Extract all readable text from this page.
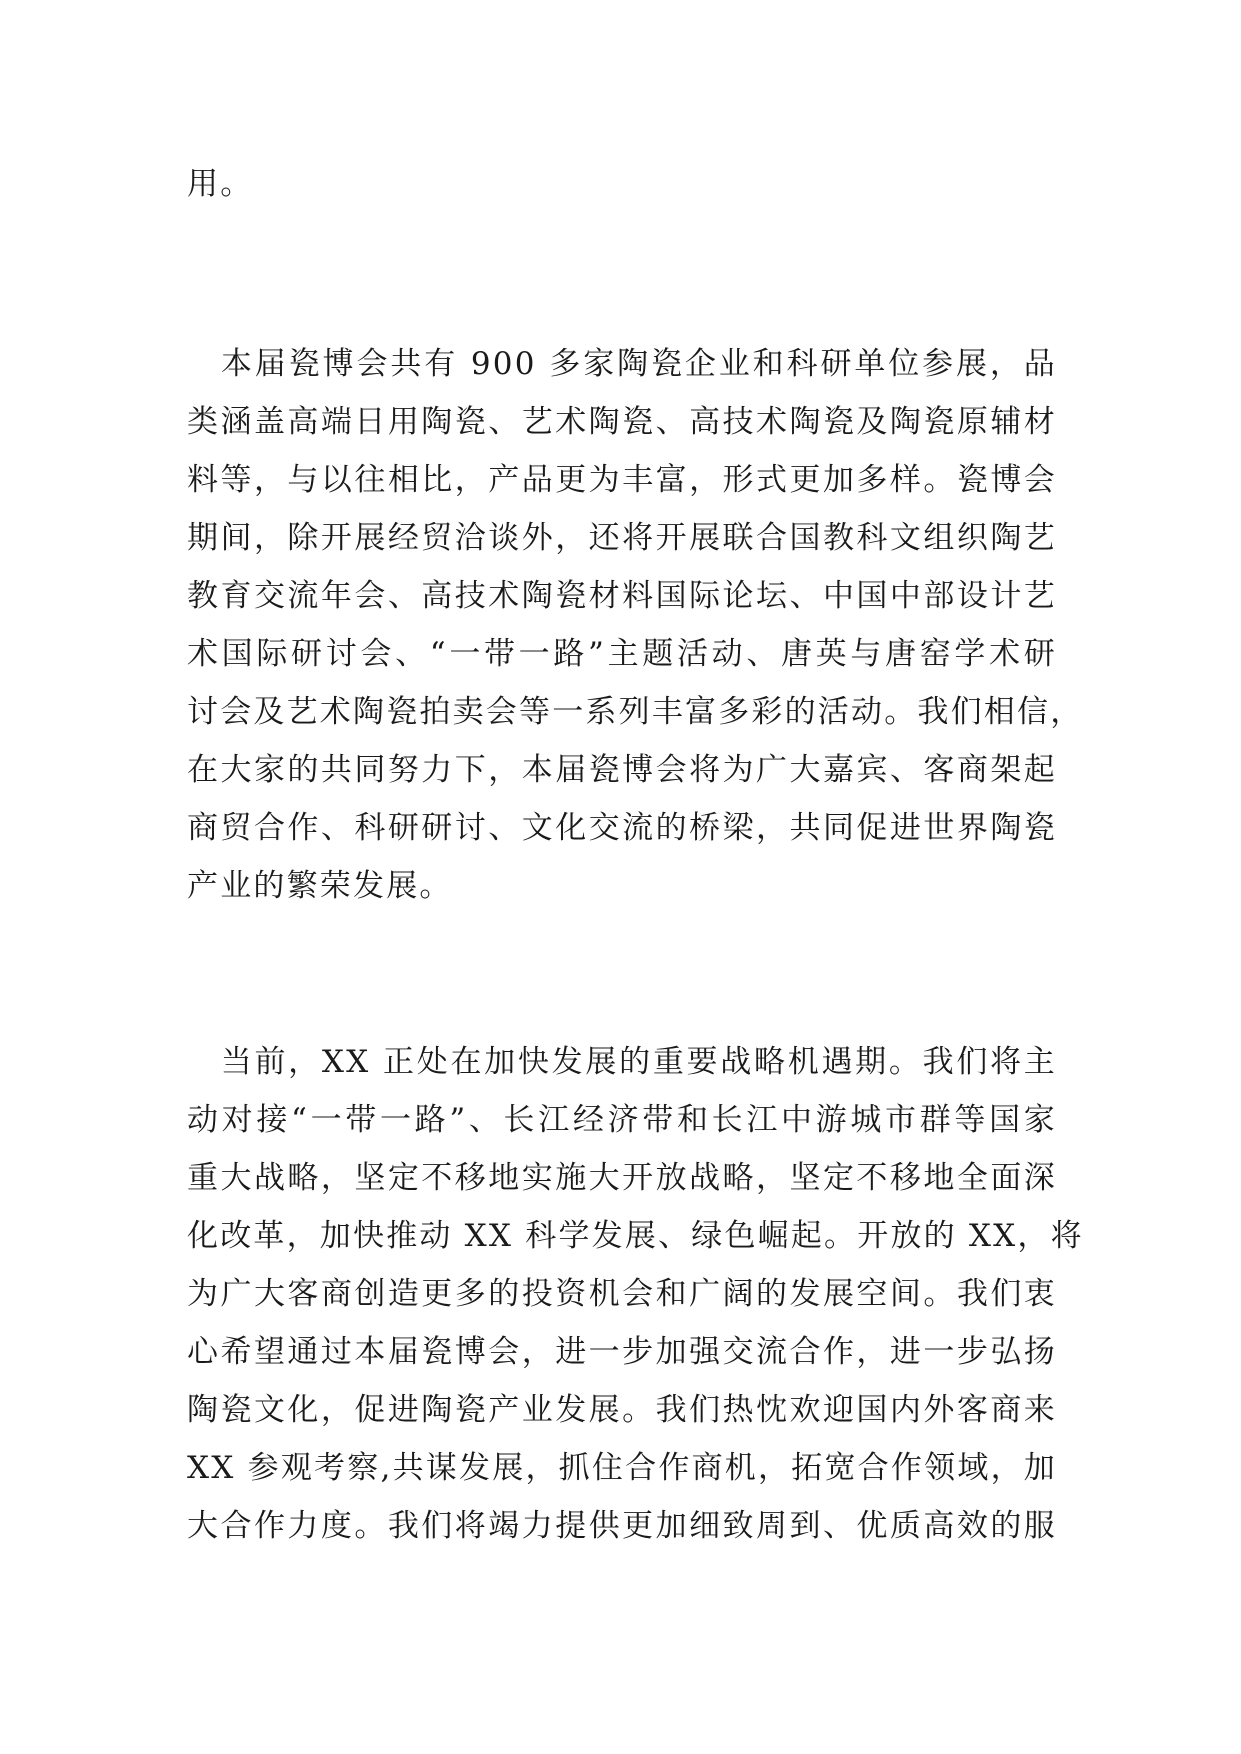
用。
　本届瓷博会共有 900 多家陶瓷企业和科研单位参展，品
类涵盖高端日用陶瓷、艺术陶瓷、高技术陶瓷及陶瓷原辅材
料等，与以往相比，产品更为丰富，形式更加多样。瓷博会
期间，除开展经贸洽谈外，还将开展联合国教科文组织陶艺
教育交流年会、高技术陶瓷材料国际论坛、中国中部设计艺
术国际研讨会、“一带一路”主题活动、唐英与唐窑学术研
讨会及艺术陶瓷拍卖会等一系列丰富多彩的活动。我们相信，
在大家的共同努力下，本届瓷博会将为广大嘉宾、客商架起
商贸合作、科研研讨、文化交流的桥梁，共同促进世界陶瓷
产业的繁荣发展。
　当前，XX 正处在加快发展的重要战略机遇期。我们将主
动对接“一带一路”、长江经济带和长江中游城市群等国家
重大战略，坚定不移地实施大开放战略，坚定不移地全面深
化改革，加快推动 XX 科学发展、绿色崛起。开放的 XX，将
为广大客商创造更多的投资机会和广阔的发展空间。我们衷
心希望通过本届瓷博会，进一步加强交流合作，进一步弘扬
陶瓷文化，促进陶瓷产业发展。我们热忱欢迎国内外客商来
XX 参观考察,共谋发展，抓住合作商机，拓宽合作领域，加
大合作力度。我们将竭力提供更加细致周到、优质高效的服
